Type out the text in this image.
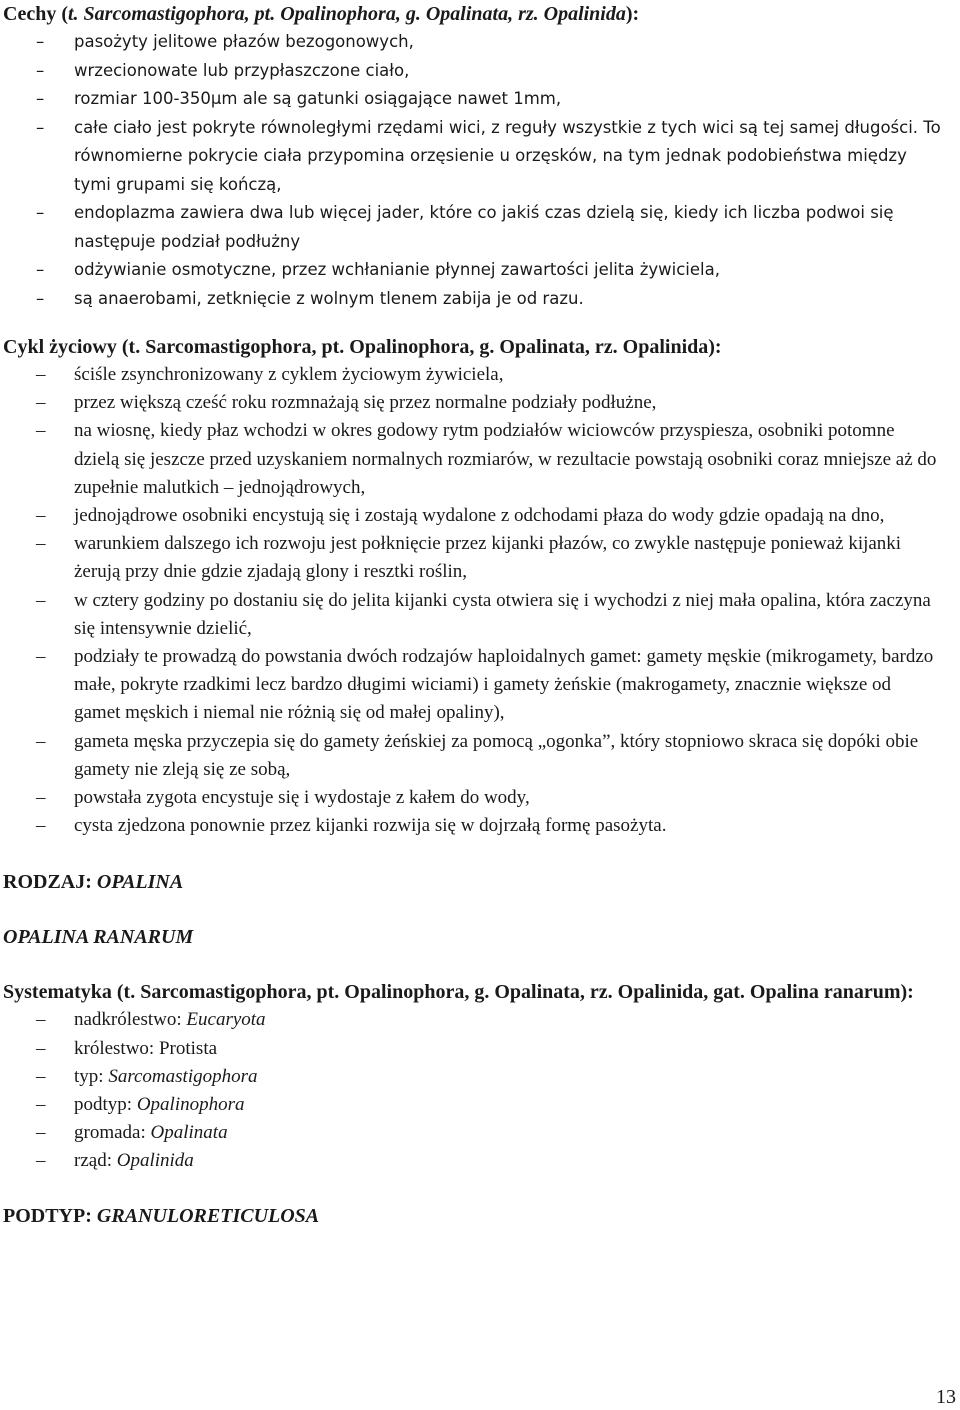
Cechy (t. Sarcomastigophora, pt. Opalinophora, g. Opalinata, rz. Opalinida):

–	pasożyty jelitowe płazów bezogonowych,
–	wrzecionowate lub przypłaszczone ciało,
–	rozmiar 100-350μm ale są gatunki osiągające nawet 1mm,
–	całe ciało jest pokryte równoległymi rzędami wici, z reguły wszystkie z tych wici są tej samej długości. To równomierne pokrycie ciała przypomina orzęsienie u orzęsków, na tym jednak podobieństwa między tymi grupami się kończą,
–	endoplazma zawiera dwa lub więcej jader, które co jakiś czas dzielą się, kiedy ich liczba podwoi się następuje podział podłużny
–	odżywianie osmotyczne, przez wchłanianie płynnej zawartości jelita żywiciela,
–	są anaerobami, zetknięcie z wolnym tlenem zabija je od razu.

Cykl życiowy (t. Sarcomastigophora, pt. Opalinophora, g. Opalinata, rz. Opalinida):

–	ściśle zsynchronizowany z cyklem życiowym żywiciela,
–	przez większą cześć roku rozmnażają się przez normalne podziały podłużne,
–	na wiosnę, kiedy płaz wchodzi w okres godowy rytm podziałów wiciowców przyspiesza, osobniki potomne dzielą się jeszcze przed uzyskaniem normalnych rozmiarów, w rezultacie powstają osobniki coraz mniejsze aż do zupełnie malutkich – jednojądrowych,
–	jednojądrowe osobniki encystują się i zostają wydalone z odchodami płaza do wody gdzie opadają na dno,
–	warunkiem dalszego ich rozwoju jest połknięcie przez kijanki płazów, co zwykle następuje ponieważ kijanki żerują przy dnie gdzie zjadają glony i resztki roślin,
–	w cztery godziny po dostaniu się do jelita kijanki cysta otwiera się i wychodzi z niej mała opalina, która zaczyna się intensywnie dzielić,
–	podziały te prowadzą do powstania dwóch rodzajów haploidalnych gamet: gamety męskie (mikrogamety, bardzo małe, pokryte rzadkimi lecz bardzo długimi wiciami) i gamety żeńskie (makrogamety, znacznie większe od gamet męskich i niemal nie różnią się od małej opaliny),
–	gameta męska przyczepia się do gamety żeńskiej za pomocą „ogonka”, który stopniowo skraca się dopóki obie gamety nie zleją się ze sobą,
–	powstała zygota encystuje się i wydostaje z kałem do wody,
–	cysta zjedzona ponownie przez kijanki rozwija się w dojrzałą formę pasożyta.

RODZAJ: OPALINA

OPALINA RANARUM

Systematyka (t. Sarcomastigophora, pt. Opalinophora, g. Opalinata, rz. Opalinida, gat. Opalina ranarum):

–	nadkrólestwo: Eucaryota
–	królestwo: Protista
–	typ: Sarcomastigophora
–	podtyp: Opalinophora
–	gromada: Opalinata
–	rząd: Opalinida

PODTYP: GRANULORETICULOSA

13
